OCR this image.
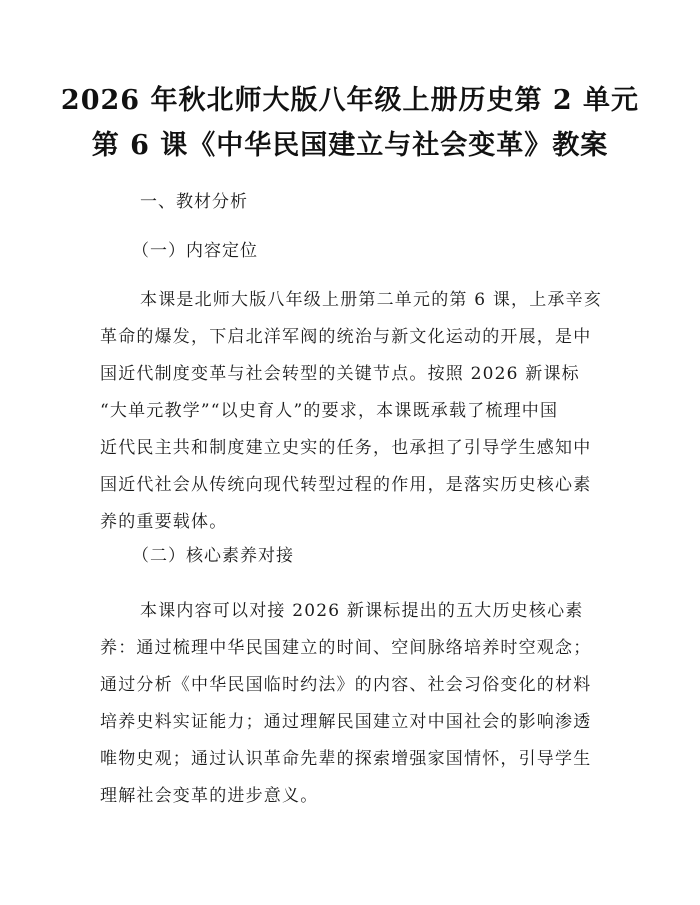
2026 年秋北师大版八年级上册历史第 2 单元
第 6 课《中华民国建立与社会变革》教案
一、教材分析
（一）内容定位
本课是北师大版八年级上册第二单元的第 6 课，上承辛亥
革命的爆发，下启北洋军阀的统治与新文化运动的开展，是中
国近代制度变革与社会转型的关键节点。按照 2026 新课标
“大单元教学”“以史育人”的要求，本课既承载了梳理中国
近代民主共和制度建立史实的任务，也承担了引导学生感知中
国近代社会从传统向现代转型过程的作用，是落实历史核心素
养的重要载体。
（二）核心素养对接
本课内容可以对接 2026 新课标提出的五大历史核心素
养：通过梳理中华民国建立的时间、空间脉络培养时空观念；
通过分析《中华民国临时约法》的内容、社会习俗变化的材料
培养史料实证能力；通过理解民国建立对中国社会的影响渗透
唯物史观；通过认识革命先辈的探索增强家国情怀，引导学生
理解社会变革的进步意义。
